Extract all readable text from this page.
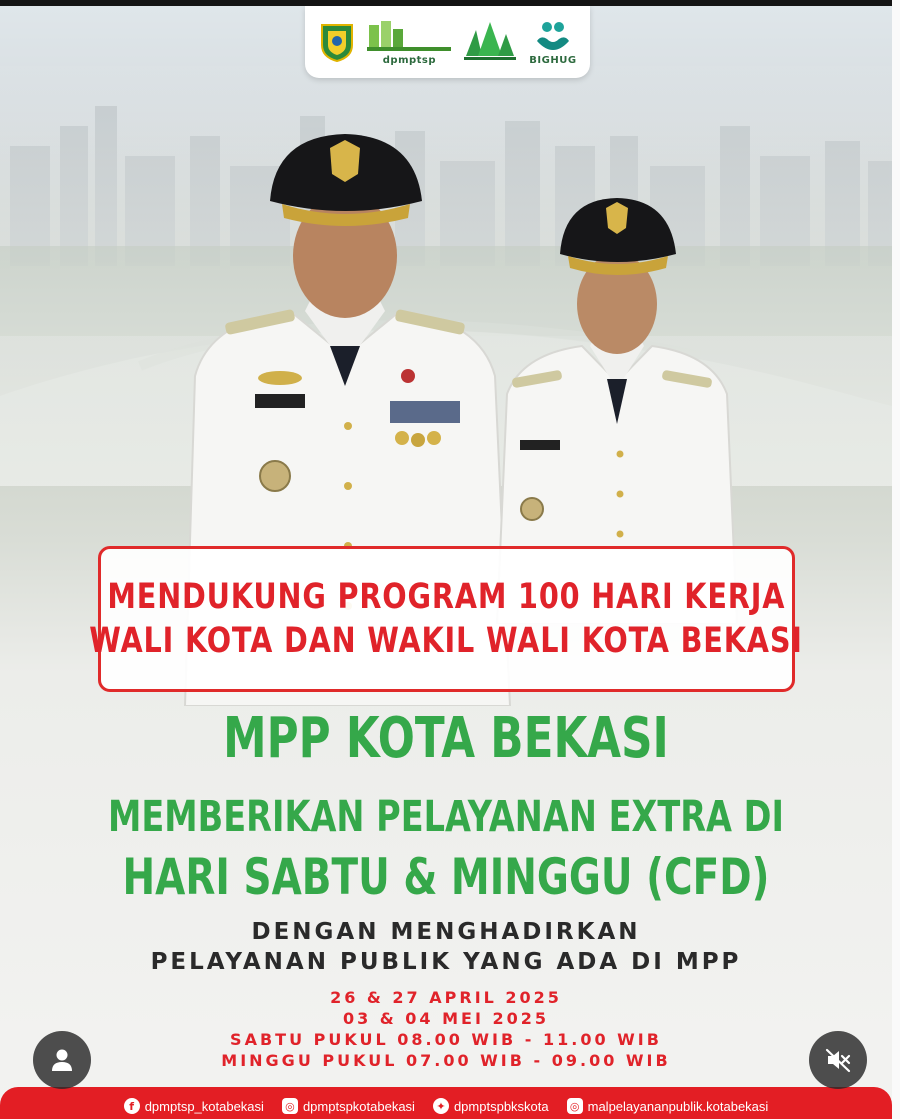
dpmptsp	BIGHUG
MENDUKUNG PROGRAM 100 HARI KERJA
WALI KOTA DAN WAKIL WALI KOTA BEKASI
MPP KOTA BEKASI
MEMBERIKAN PELAYANAN EXTRA DI
HARI SABTU & MINGGU (CFD)
DENGAN MENGHADIRKAN
PELAYANAN PUBLIK YANG ADA DI MPP
26 & 27 APRIL 2025
03 & 04 MEI 2025
SABTU PUKUL 08.00 WIB - 11.00 WIB
MINGGU PUKUL 07.00 WIB - 09.00 WIB
f dpmptsp_kotabekasi ◎ dpmptspkotabekasi	✦ dpmptspbkskota ◎ malpelayananpublik.kotabekasi
